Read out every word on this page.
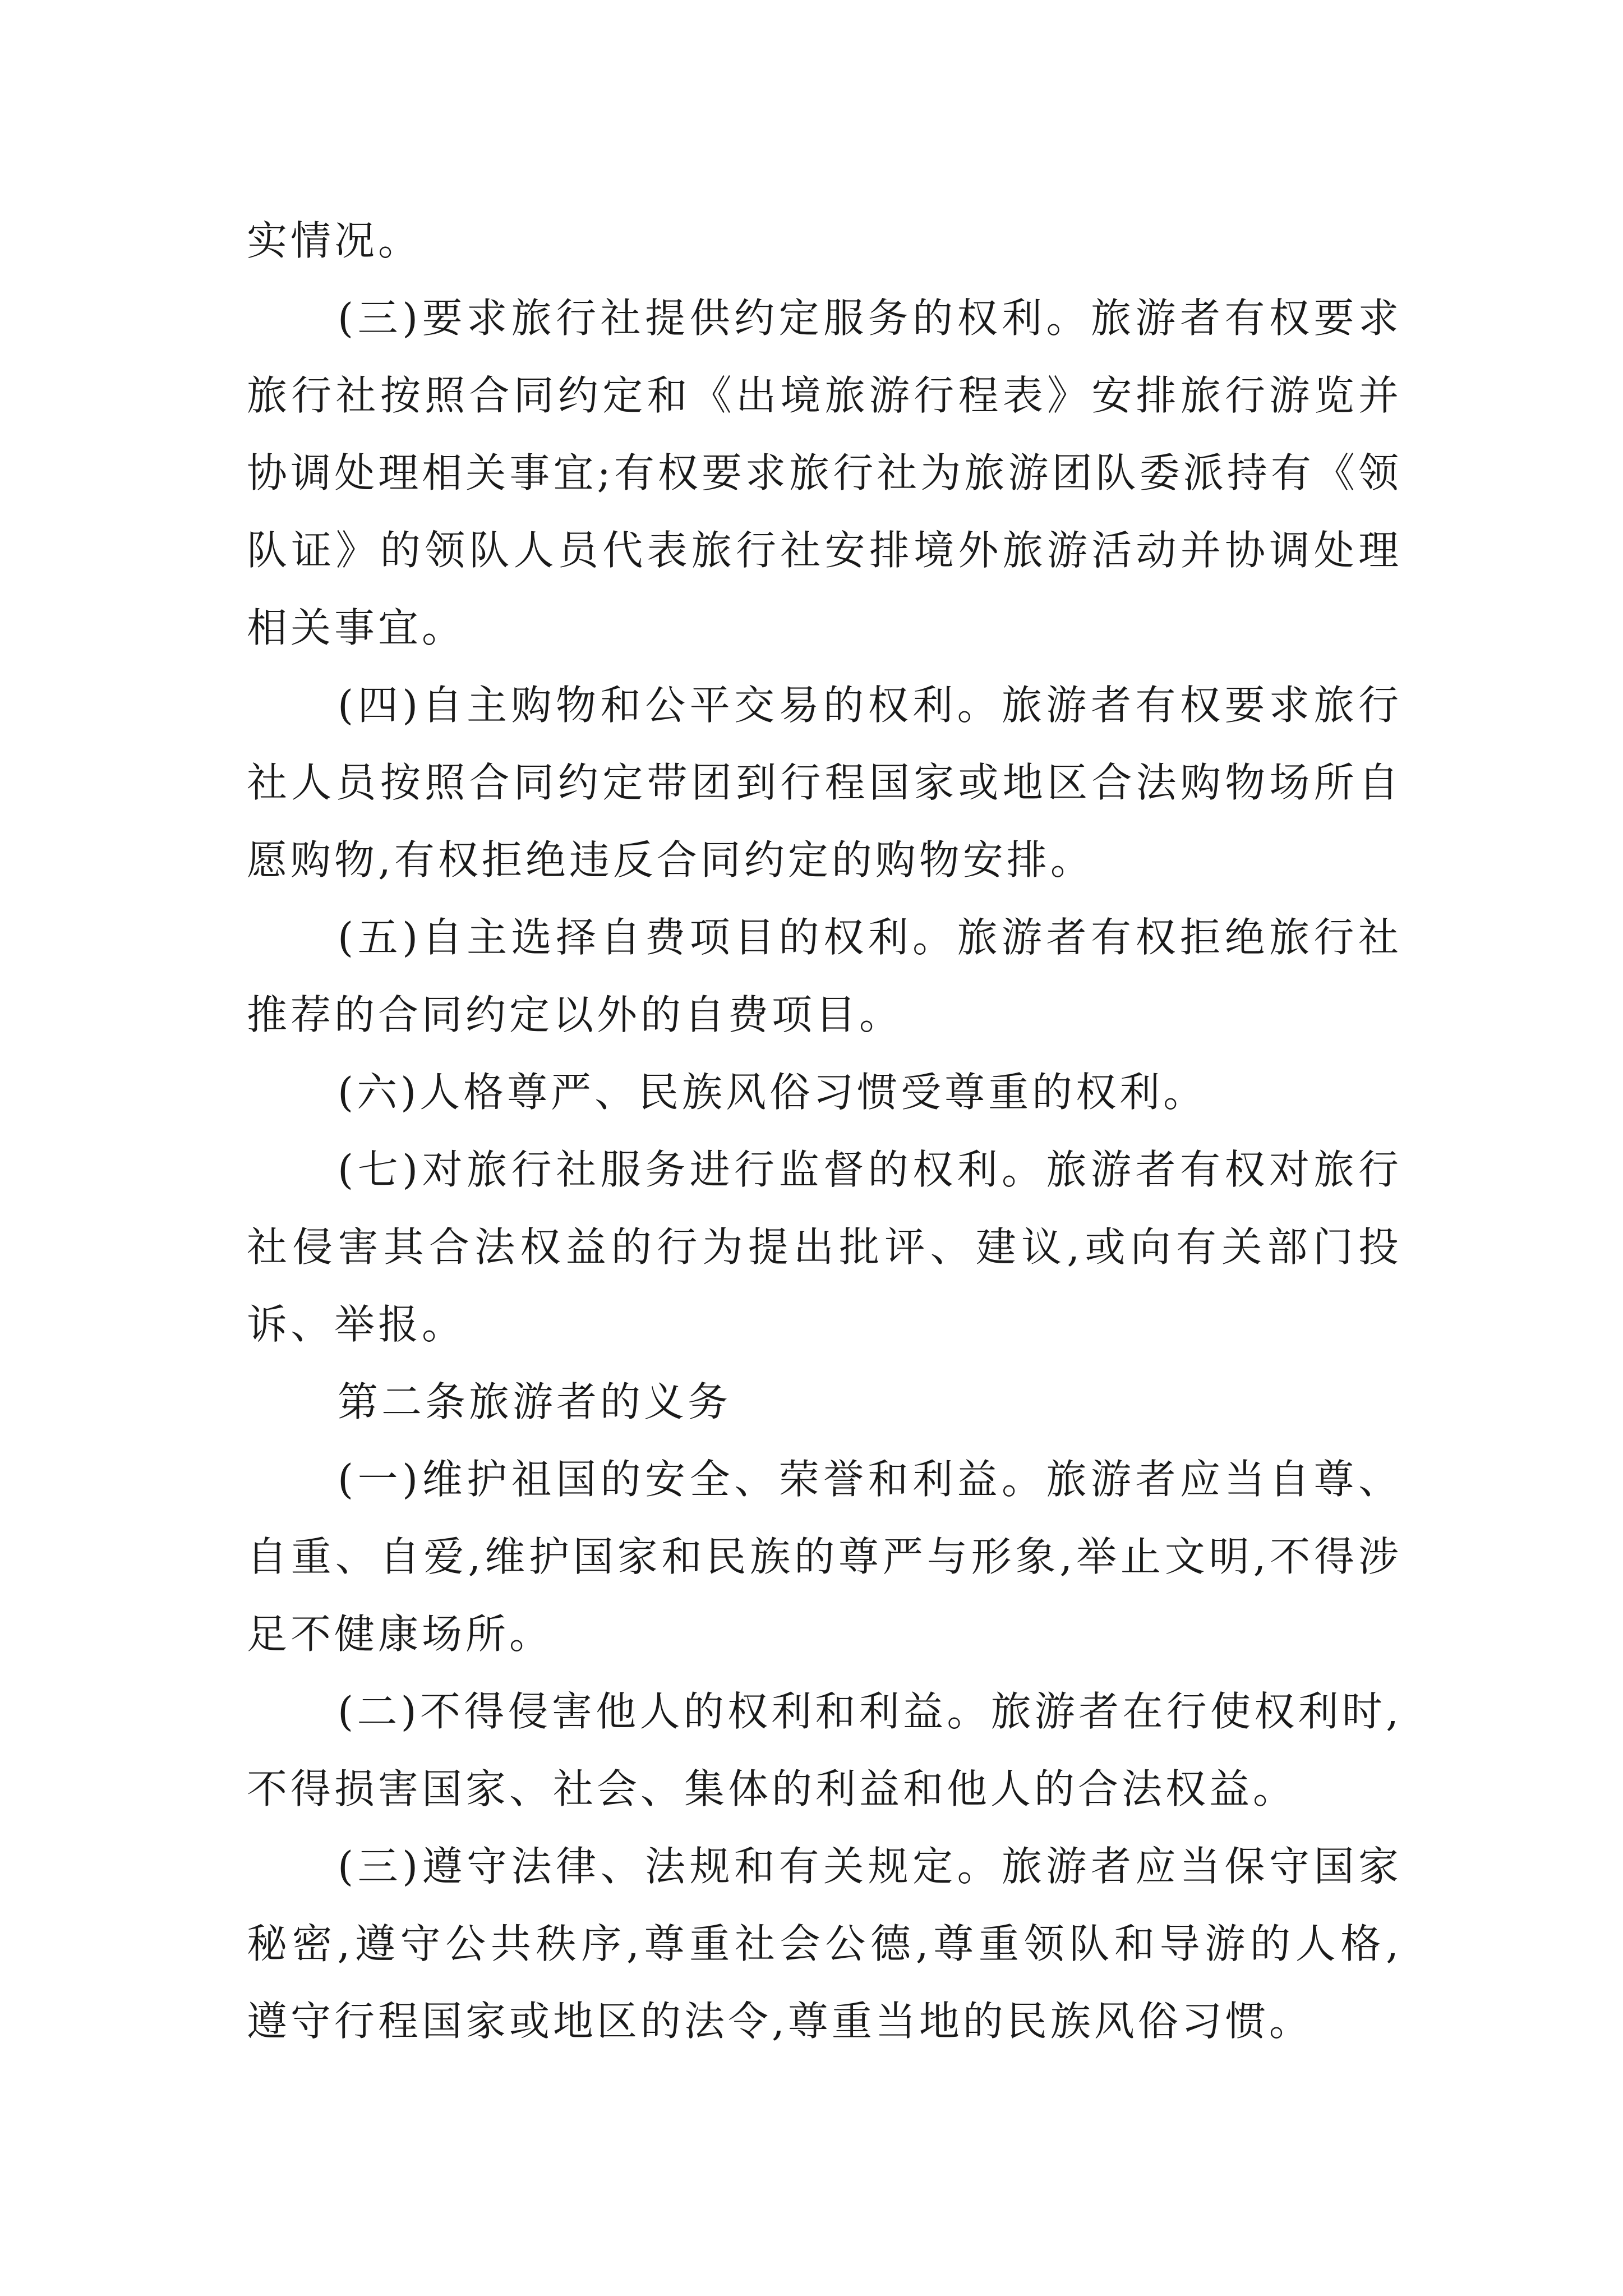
实情况。

(三)要求旅行社提供约定服务的权利。旅游者有权要求旅行社按照合同约定和《出境旅游行程表》安排旅行游览并协调处理相关事宜;有权要求旅行社为旅游团队委派持有《领队证》的领队人员代表旅行社安排境外旅游活动并协调处理相关事宜。

(四)自主购物和公平交易的权利。旅游者有权要求旅行社人员按照合同约定带团到行程国家或地区合法购物场所自愿购物,有权拒绝违反合同约定的购物安排。

(五)自主选择自费项目的权利。旅游者有权拒绝旅行社推荐的合同约定以外的自费项目。

(六)人格尊严、民族风俗习惯受尊重的权利。

(七)对旅行社服务进行监督的权利。旅游者有权对旅行社侵害其合法权益的行为提出批评、建议,或向有关部门投诉、举报。

第二条旅游者的义务

(一)维护祖国的安全、荣誉和利益。旅游者应当自尊、自重、自爱,维护国家和民族的尊严与形象,举止文明,不得涉足不健康场所。

(二)不得侵害他人的权利和利益。旅游者在行使权利时,不得损害国家、社会、集体的利益和他人的合法权益。

(三)遵守法律、法规和有关规定。旅游者应当保守国家秘密,遵守公共秩序,尊重社会公德,尊重领队和导游的人格,遵守行程国家或地区的法令,尊重当地的民族风俗习惯。
